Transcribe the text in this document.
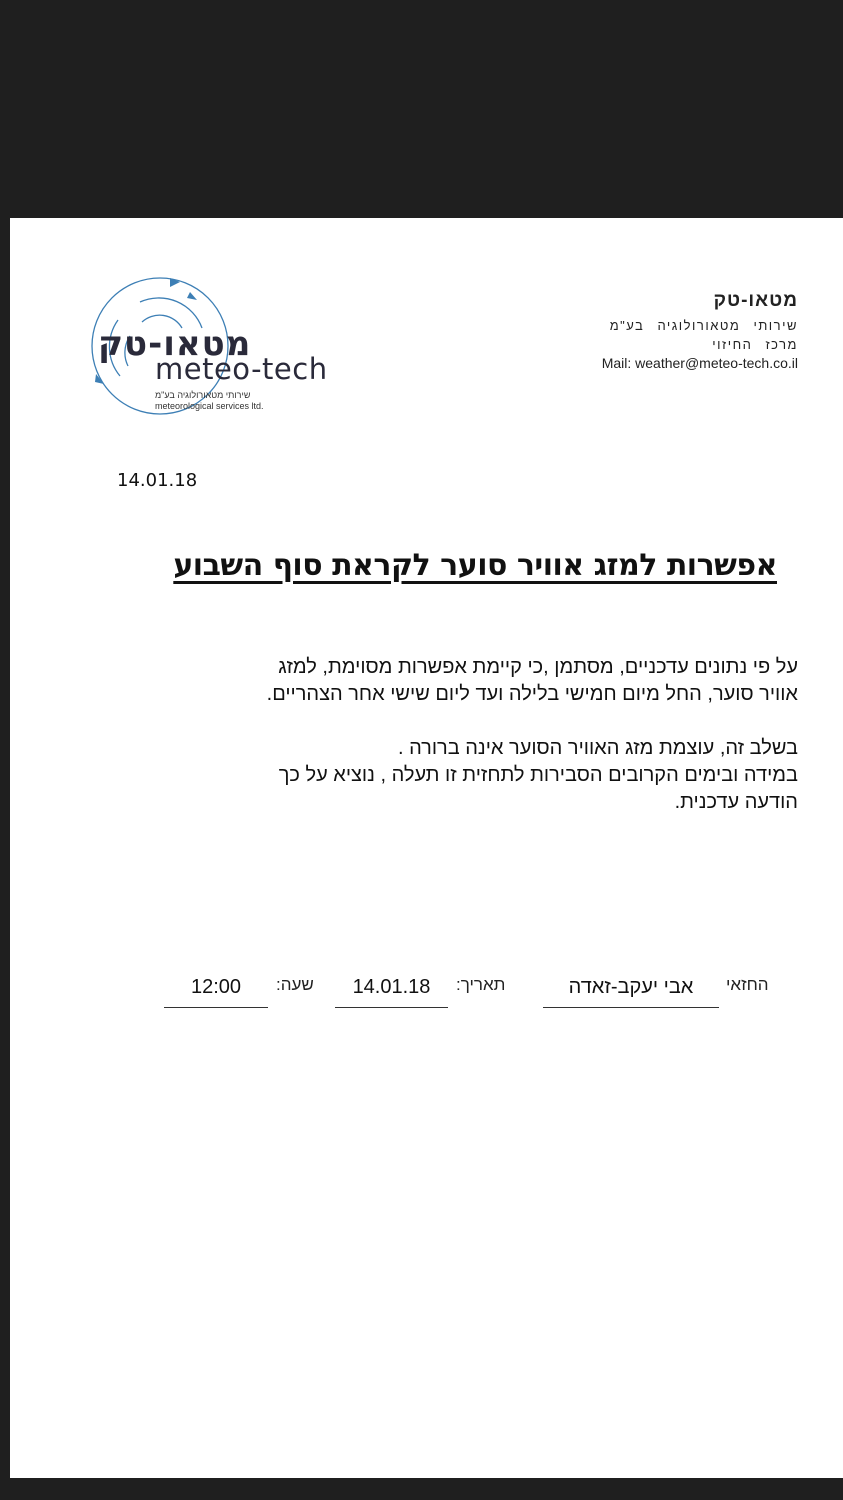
מטאו-טק
meteo-tech
שירותי מטאורולוגיה בע"מ
meteorological services ltd.
מטאו-טק
שירותי מטאורולוגיה בע"מ
מרכז החיזוי
Mail: weather@meteo-tech.co.il
14.01.18
אפשרות למזג אוויר סוער לקראת סוף השבוע

על פי נתונים עדכניים, מסתמן ,כי קיימת אפשרות מסוימת, למזג

אוויר סוער, החל מיום חמישי בלילה ועד ליום שישי אחר הצהריים.

בשלב זה, עוצמת מזג האוויר הסוער אינה ברורה .

במידה ובימים הקרובים הסבירות לתחזית זו תעלה , נוציא על כך

הודעה עדכנית.

החזאי
אבי יעקב-זאדה
תאריך:
14.01.18
שעה:
12:00
